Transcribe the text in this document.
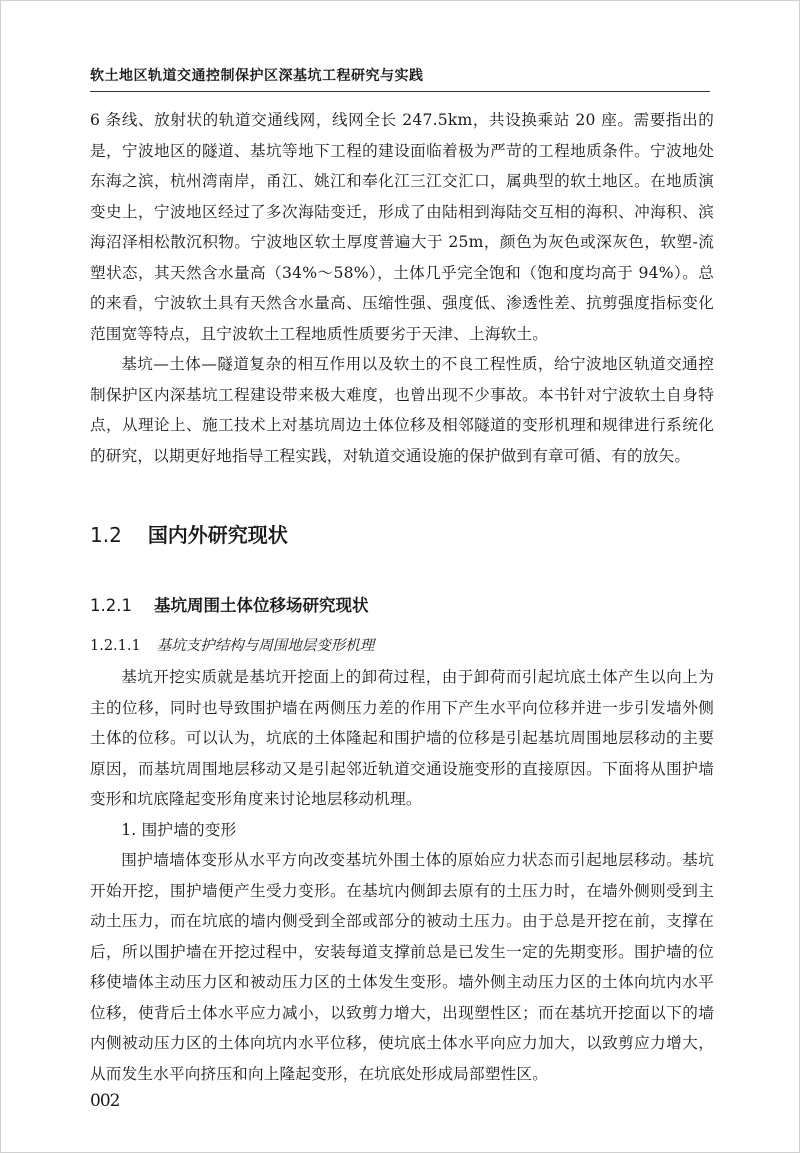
软土地区轨道交通控制保护区深基坑工程研究与实践

6 条线、放射状的轨道交通线网，线网全长 247.5km，共设换乘站 20 座。需要指出的是，宁波地区的隧道、基坑等地下工程的建设面临着极为严苛的工程地质条件。宁波地处东海之滨，杭州湾南岸，甬江、姚江和奉化江三江交汇口，属典型的软土地区。在地质演变史上，宁波地区经过了多次海陆变迁，形成了由陆相到海陆交互相的海积、冲海积、滨海沼泽相松散沉积物。宁波地区软土厚度普遍大于 25m，颜色为灰色或深灰色，软塑-流塑状态，其天然含水量高（34%～58%），土体几乎完全饱和（饱和度均高于 94%）。总的来看，宁波软土具有天然含水量高、压缩性强、强度低、渗透性差、抗剪强度指标变化范围宽等特点，且宁波软土工程地质性质要劣于天津、上海软土。

基坑—土体—隧道复杂的相互作用以及软土的不良工程性质，给宁波地区轨道交通控制保护区内深基坑工程建设带来极大难度，也曾出现不少事故。本书针对宁波软土自身特点，从理论上、施工技术上对基坑周边土体位移及相邻隧道的变形机理和规律进行系统化的研究，以期更好地指导工程实践，对轨道交通设施的保护做到有章可循、有的放矢。

1.2 国内外研究现状
1.2.1 基坑周围土体位移场研究现状
1.2.1.1 基坑支护结构与周围地层变形机理

基坑开挖实质就是基坑开挖面上的卸荷过程，由于卸荷而引起坑底土体产生以向上为主的位移，同时也导致围护墙在两侧压力差的作用下产生水平向位移并进一步引发墙外侧土体的位移。可以认为，坑底的土体隆起和围护墙的位移是引起基坑周围地层移动的主要原因，而基坑周围地层移动又是引起邻近轨道交通设施变形的直接原因。下面将从围护墙变形和坑底隆起变形角度来讨论地层移动机理。

1. 围护墙的变形

围护墙墙体变形从水平方向改变基坑外围土体的原始应力状态而引起地层移动。基坑开始开挖，围护墙便产生受力变形。在基坑内侧卸去原有的土压力时，在墙外侧则受到主动土压力，而在坑底的墙内侧受到全部或部分的被动土压力。由于总是开挖在前，支撑在后，所以围护墙在开挖过程中，安装每道支撑前总是已发生一定的先期变形。围护墙的位移使墙体主动压力区和被动压力区的土体发生变形。墙外侧主动压力区的土体向坑内水平位移，使背后土体水平应力减小，以致剪力增大，出现塑性区；而在基坑开挖面以下的墙内侧被动压力区的土体向坑内水平位移，使坑底土体水平向应力加大，以致剪应力增大，从而发生水平向挤压和向上隆起变形，在坑底处形成局部塑性区。

002
